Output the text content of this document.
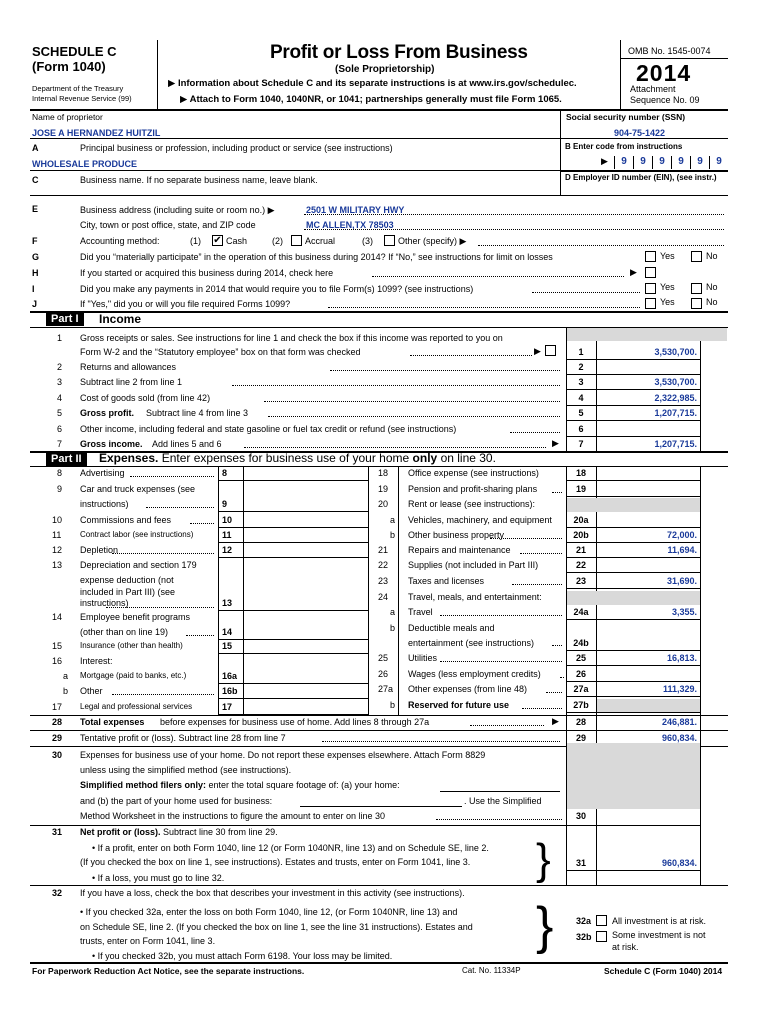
SCHEDULE C
(Form 1040)
Department of the Treasury
Internal Revenue Service (99)
Profit or Loss From Business
(Sole Proprietorship)
▶ Information about Schedule C and its separate instructions is at www.irs.gov/schedulec.
▶ Attach to Form 1040, 1040NR, or 1041; partnerships generally must file Form 1065.
OMB No. 1545-0074
2014
Attachment
Sequence No. 09
Name of proprietor
JOSE A HERNANDEZ HUITZIL
Social security number (SSN)
904-75-1422
A	Principal business or profession, including product or service (see instructions)
WHOLESALE PRODUCE
B Enter code from instructions
▶
C	Business name. If no separate business name, leave blank.	D Employer ID number (EIN), (see instr.)
E	Business address (including suite or room no.) ▶	2501 W MILITARY HWY
City, town or post office, state, and ZIP code	MC ALLEN,TX 78503
F	Accounting method:	(1) ✔ Cash	(2) Accrual	(3)	Other (specify) ▶
G	Did you “materially participate” in the operation of this business during 2014? If “No,” see instructions for limit on losses	Yes	No
H	If you started or acquired this business during 2014, check here	▶
I	Did you make any payments in 2014 that would require you to file Form(s) 1099? (see instructions)	Yes	No
J	If "Yes," did you or will you file required Forms 1099?	Yes	No
Part I	Income
1 Gross receipts or sales. See instructions for line 1 and check the box if this income was reported to you on
Form W-2 and the “Statutory employee” box on that form was checked	▶
Part II	Expenses. Enter expenses for business use of your home only on line 30.
30 Expenses for business use of your home. Do not report these expenses elsewhere. Attach Form 8829
unless using the simplified method (see instructions).
Simplified method filers only: enter the total square footage of: (a) your home:
and (b) the part of your home used for business:	. Use the Simplified
Method Worksheet in the instructions to figure the amount to enter on line 30	30
31 Net profit or (loss). Subtract line 30 from line 29.
• If a profit, enter on both Form 1040, line 12 (or Form 1040NR, line 13) and on Schedule SE, line 2.
(If you checked the box on line 1, see instructions). Estates and trusts, enter on Form 1041, line 3.
• If a loss, you must go to line 32.	}	31	960,834.
32 If you have a loss, check the box that describes your investment in this activity (see instructions).
• If you checked 32a, enter the loss on both Form 1040, line 12, (or Form 1040NR, line 13) and
on Schedule SE, line 2. (If you checked the box on line 1, see the line 31 instructions). Estates and
trusts, enter on Form 1041, line 3.
• If you checked 32b, you must attach Form 6198. Your loss may be limited.
}	32a All investment is at risk.
32b Some investment is not
at risk.
For Paperwork Reduction Act Notice, see the separate instructions.	Cat. No. 11334P	Schedule C (Form 1040) 2014
9	9	9	9	9	9
1	3,530,700.
2 Returns and allowances	2
3 Subtract line 2 from line 1	3	3,530,700.
4 Cost of goods sold (from line 42)	4	2,322,985.
5 Gross profit. Subtract line 4 from line 3	5	1,207,715.
6 Other income, including federal and state gasoline or fuel tax credit or refund (see instructions)	6
7 Gross income. Add lines 5 and 6	▶	7	1,207,715.
8 Advertising	8
9 Car and truck expenses (see
instructions)	9
10 Commissions and fees	10
11 Contract labor (see instructions)	11
12 Depletion	12
13 Depreciation and section 179
expense deduction (not
included in Part III) (see
instructions)	13
14 Employee benefit programs
(other than on line 19)	14
15 Insurance (other than health)	15
16 Interest:
a Mortgage (paid to banks, etc.)	16a
b Other	16b
17 Legal and professional services	17
18 Office expense (see instructions)	18
19 Pension and profit-sharing plans	19
20 Rent or lease (see instructions):
a Vehicles, machinery, and equipment	20a
b Other business property	20b	72,000.
21 Repairs and maintenance	21	11,694.
22 Supplies (not included in Part III)	22
23 Taxes and licenses	23	31,690.
24 Travel, meals, and entertainment:
a Travel	24a	3,355.
b Deductible meals and
entertainment (see instructions)	24b
25 Utilities	25	16,813.
26 Wages (less employment credits)	26
27a Other expenses (from line 48)	27a	111,329.
b Reserved for future use	27b
28 Total expenses before expenses for business use of home. Add lines 8 through 27a	▶	28	246,881.
29 Tentative profit or (loss). Subtract line 28 from line 7	29	960,834.
